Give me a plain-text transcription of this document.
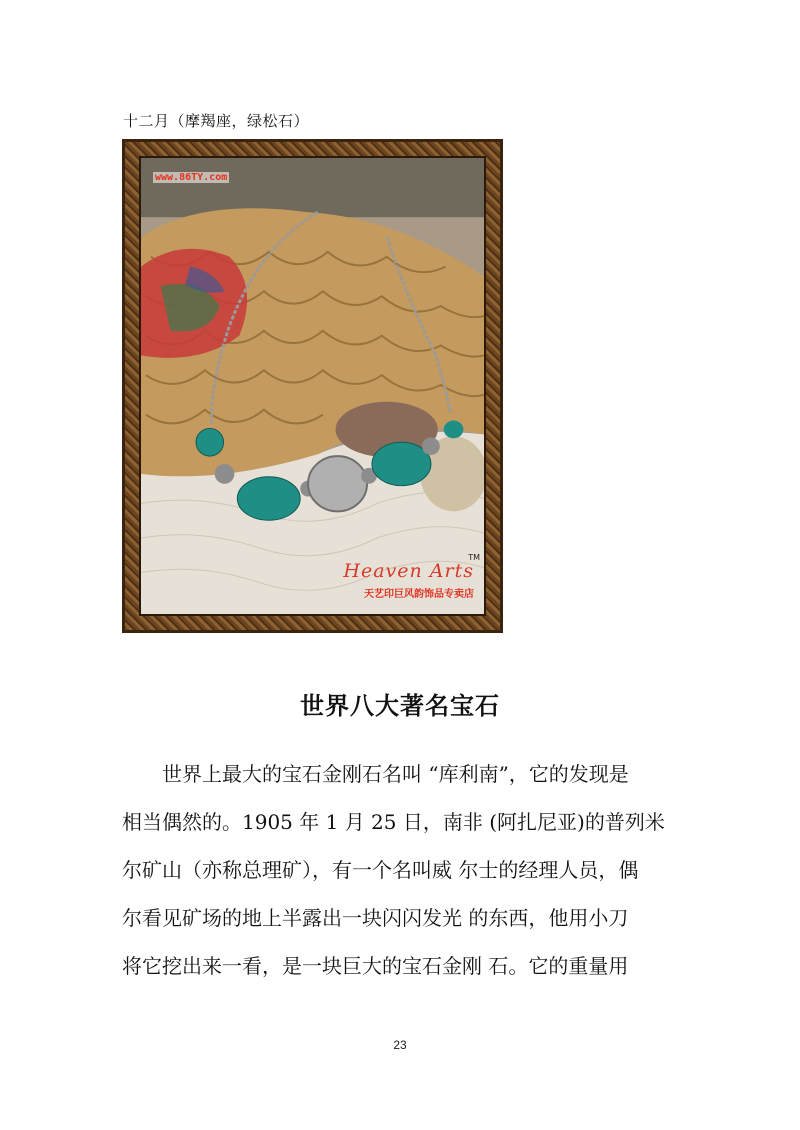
十二月（摩羯座，绿松石）
www.86TY.com
TM
Heaven Arts
天艺印巨风韵饰品专卖店
世界八大著名宝石
世界上最大的宝石金刚石名叫 “库利南”，它的发现是
相当偶然的。1905 年 1 月 25 日，南非 (阿扎尼亚)的普列米
尔矿山（亦称总理矿），有一个名叫威 尔士的经理人员，偶
尔看见矿场的地上半露出一块闪闪发光 的东西，他用小刀
将它挖出来一看，是一块巨大的宝石金刚 石。它的重量用
23
